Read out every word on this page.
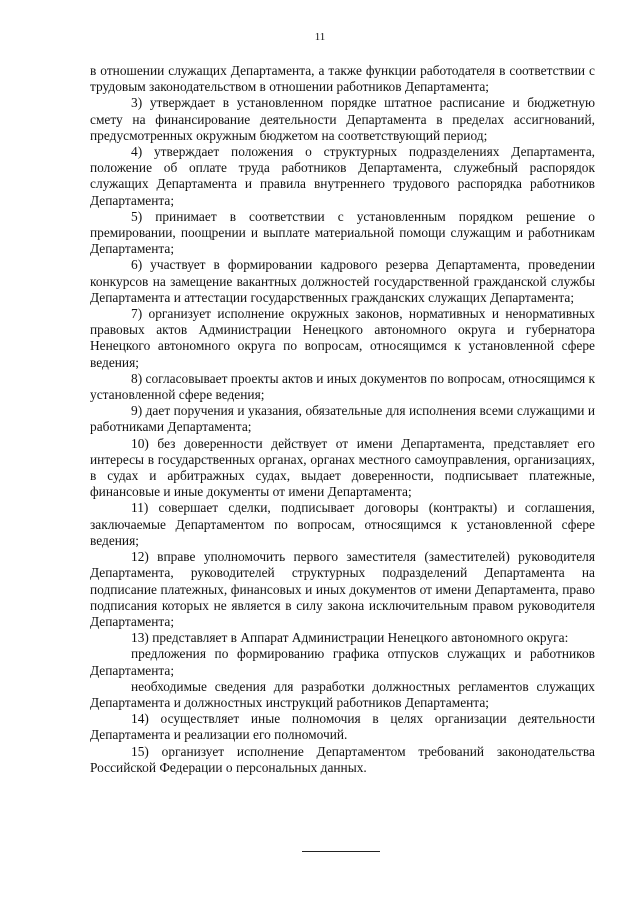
11

в отношении служащих Департамента, а также функции работодателя в соответствии с трудовым законодательством в отношении работников Департамента;

3) утверждает в установленном порядке штатное расписание и бюджетную смету на финансирование деятельности Департамента в пределах ассигнований, предусмотренных окружным бюджетом на соответствующий период;

4) утверждает положения о структурных подразделениях Департамента, положение об оплате труда работников Департамента, служебный распорядок служащих Департамента и правила внутреннего трудового распорядка работников Департамента;

5) принимает в соответствии с установленным порядком решение о премировании, поощрении и выплате материальной помощи служащим и работникам Департамента;

6) участвует в формировании кадрового резерва Департамента, проведении конкурсов на замещение вакантных должностей государственной гражданской службы Департамента и аттестации государственных гражданских служащих Департамента;

7) организует исполнение окружных законов, нормативных и ненормативных правовых актов Администрации Ненецкого автономного округа и губернатора Ненецкого автономного округа по вопросам, относящимся к установленной сфере ведения;

8) согласовывает проекты актов и иных документов по вопросам, относящимся к установленной сфере ведения;

9) дает поручения и указания, обязательные для исполнения всеми служащими и работниками Департамента;

10) без доверенности действует от имени Департамента, представляет его интересы в государственных органах, органах местного самоуправления, организациях, в судах и арбитражных судах, выдает доверенности, подписывает платежные, финансовые и иные документы от имени Департамента;

11) совершает сделки, подписывает договоры (контракты) и соглашения, заключаемые Департаментом по вопросам, относящимся к установленной сфере ведения;

12) вправе уполномочить первого заместителя (заместителей) руководителя Департамента, руководителей структурных подразделений Департамента на подписание платежных, финансовых и иных документов от имени Департамента, право подписания которых не является в силу закона исключительным правом руководителя Департамента;

13) представляет в Аппарат Администрации Ненецкого автономного округа:

предложения по формированию графика отпусков служащих и работников Департамента;

необходимые сведения для разработки должностных регламентов служащих Департамента и должностных инструкций работников Департамента;

14) осуществляет иные полномочия в целях организации деятельности Департамента и реализации его полномочий.

15) организует исполнение Департаментом требований законодательства Российской Федерации о персональных данных.
